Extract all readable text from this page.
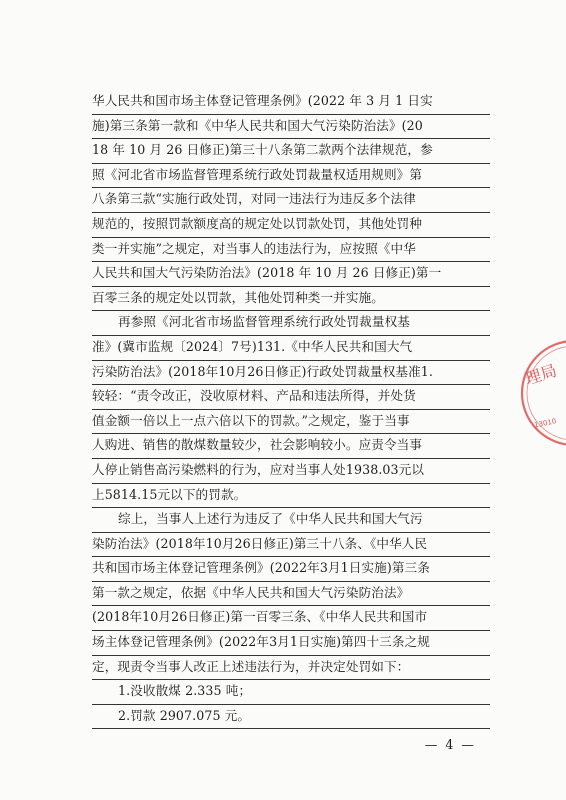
华人民共和国市场主体登记管理条例》(2022 年 3 月 1 日实
施)第三条第一款和《中华人民共和国大气污染防治法》(20
18 年 10 月 26 日修正)第三十八条第二款两个法律规范，参
照《河北省市场监督管理系统行政处罚裁量权适用规则》第
八条第三款“实施行政处罚，对同一违法行为违反多个法律
规范的，按照罚款额度高的规定处以罚款处罚，其他处罚种
类一并实施”之规定，对当事人的违法行为，应按照《中华
人民共和国大气污染防治法》(2018 年 10 月 26 日修正)第一
百零三条的规定处以罚款，其他处罚种类一并实施。
再参照《河北省市场监督管理系统行政处罚裁量权基
准》(冀市监规〔2024〕7号)131.《中华人民共和国大气
污染防治法》(2018年10月26日修正)行政处罚裁量权基准1.
较轻：“责令改正，没收原材料、产品和违法所得，并处货
值金额一倍以上一点六倍以下的罚款。”之规定，鉴于当事
人购进、销售的散煤数量较少，社会影响较小。应责令当事
人停止销售高污染燃料的行为，应对当事人处1938.03元以
上5814.15元以下的罚款。
综上，当事人上述行为违反了《中华人民共和国大气污
染防治法》(2018年10月26日修正)第三十八条、《中华人民
共和国市场主体登记管理条例》(2022年3月1日实施)第三条
第一款之规定，依据《中华人民共和国大气污染防治法》
(2018年10月26日修正)第一百零三条、《中华人民共和国市
场主体登记管理条例》(2022年3月1日实施)第四十三条之规
定，现责令当事人改正上述违法行为，并决定处罚如下：
1.没收散煤 2.335 吨；
2.罚款 2907.075 元。
理局
13010
— 4 —
